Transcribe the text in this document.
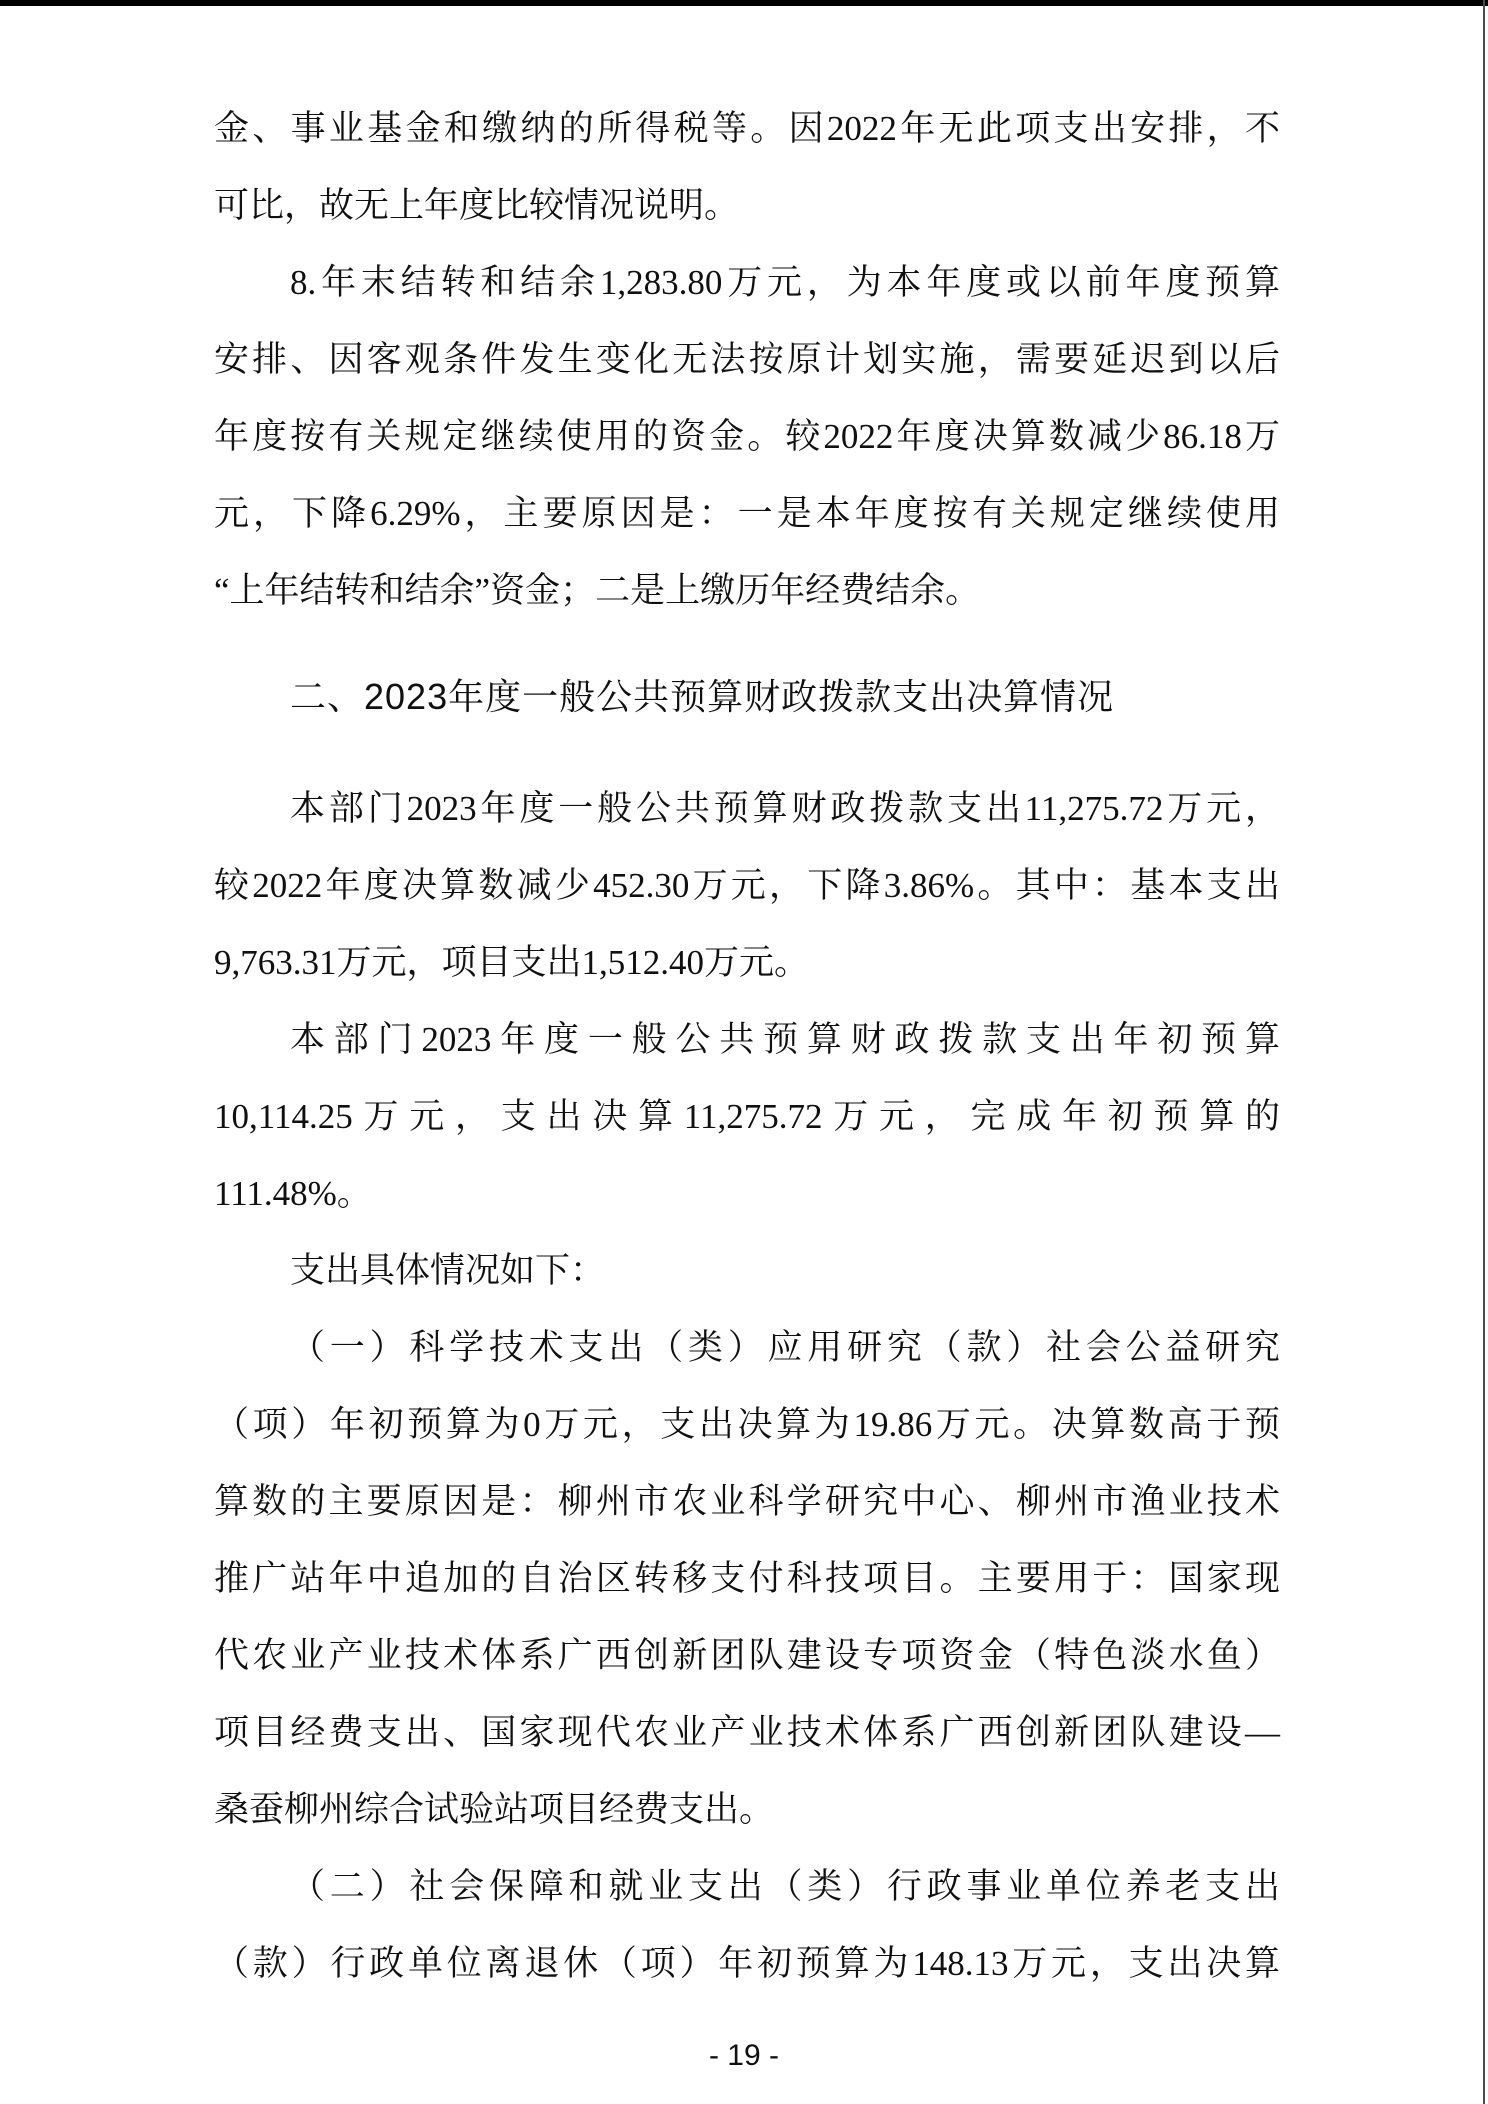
金、事业基金和缴纳的所得税等。因2022年无此项支出安排，不
可比，故无上年度比较情况说明。
8.年末结转和结余1,283.80万元，为本年度或以前年度预算
安排、因客观条件发生变化无法按原计划实施，需要延迟到以后
年度按有关规定继续使用的资金。较2022年度决算数减少86.18万
元，下降6.29%，主要原因是：一是本年度按有关规定继续使用
“上年结转和结余”资金；二是上缴历年经费结余。
二、2023年度一般公共预算财政拨款支出决算情况
本部门2023年度一般公共预算财政拨款支出11,275.72万元，
较2022年度决算数减少452.30万元，下降3.86%。其中：基本支出
9,763.31万元，项目支出1,512.40万元。
本部门2023年度一般公共预算财政拨款支出年初预算
10,114.25万元，支出决算11,275.72万元，完成年初预算的
111.48%。
支出具体情况如下：
（一）科学技术支出（类）应用研究（款）社会公益研究
（项）年初预算为0万元，支出决算为19.86万元。决算数高于预
算数的主要原因是：柳州市农业科学研究中心、柳州市渔业技术
推广站年中追加的自治区转移支付科技项目。主要用于：国家现
代农业产业技术体系广西创新团队建设专项资金（特色淡水鱼）
项目经费支出、国家现代农业产业技术体系广西创新团队建设—
桑蚕柳州综合试验站项目经费支出。
（二）社会保障和就业支出（类）行政事业单位养老支出
（款）行政单位离退休（项）年初预算为148.13万元，支出决算
- 19 -
